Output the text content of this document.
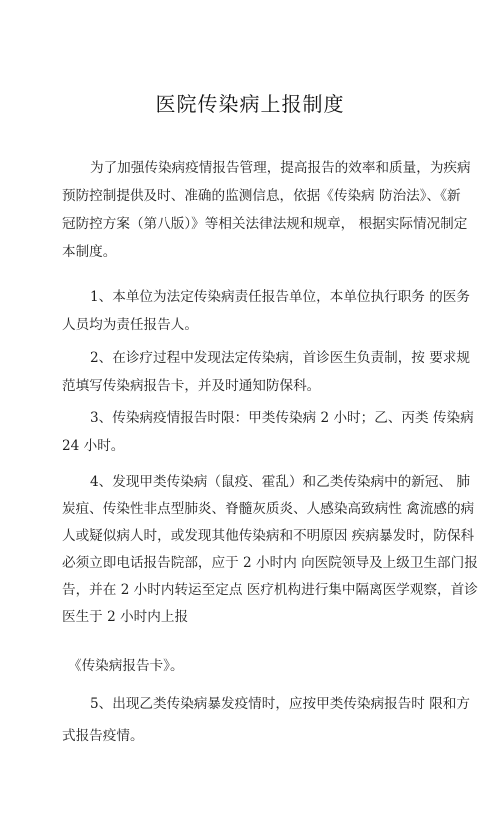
医院传染病上报制度
为了加强传染病疫情报告管理，提高报告的效率和质量，为疾病
预防控制提供及时、准确的监测信息，依据《传染病 防治法》、《新
冠防控方案（第八版）》等相关法律法规和规章， 根据实际情况制定
本制度。
1、本单位为法定传染病责任报告单位，本单位执行职务 的医务
人员均为责任报告人。
2、在诊疗过程中发现法定传染病，首诊医生负责制，按 要求规
范填写传染病报告卡，并及时通知防保科。
3、传染病疫情报告时限：甲类传染病 2 小时；乙、丙类 传染病
24 小时。
4、发现甲类传染病（鼠疫、霍乱）和乙类传染病中的新冠、 肺
炭疽、传染性非点型肺炎、脊髓灰质炎、人感染高致病性 禽流感的病
人或疑似病人时，或发现其他传染病和不明原因 疾病暴发时，防保科
必须立即电话报告院部，应于 2 小时内 向医院领导及上级卫生部门报
告，并在 2 小时内转运至定点 医疗机构进行集中隔离医学观察，首诊
医生于 2 小时内上报
《传染病报告卡》。
5、出现乙类传染病暴发疫情时，应按甲类传染病报告时 限和方
式报告疫情。
